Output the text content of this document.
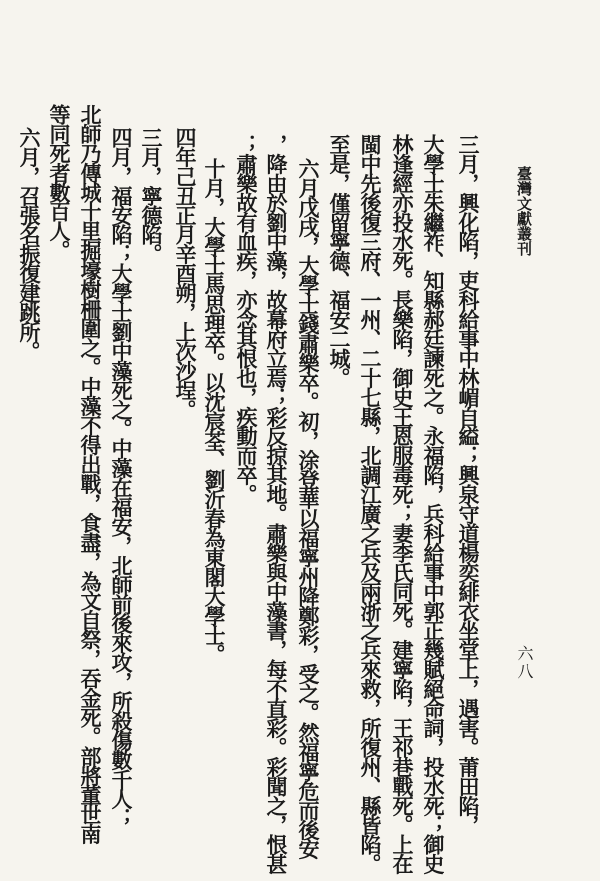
臺灣文獻叢刊
六八
三月，興化陷，吏科給事中林嵋自縊；興泉守道楊奕緋衣坐堂上，遇害。莆田陷，
大學士朱繼祚、知縣郝廷諫死之。永福陷，兵科給事中郭正幾賦絕命詞，投水死；御史
林逢經亦投水死。長樂陷，御史王恩服毒死；妻李氏同死。建寧陷，王祁巷戰死。上在
閩中先後復三府、一州、二十七縣，北調江廣之兵及兩浙之兵來救，所復州、縣皆陷。
至是，僅留寧德、福安二城。
六月戊戌，大學士錢肅樂卒。初，涂登華以福寧州降鄭彩，受之。然福寧危而後安
，降由於劉中藻，故幕府立焉；彩反掠其地。肅樂與中藻書，每不直彩。彩聞之，恨甚
；肅樂故有血疾，亦念其恨也，疾動而卒。
十月，大學士馬思理卒。以沈宸荃、劉沂春為東閣大學士。
四年己丑正月辛酉朔，上次沙埕。
三月，寧德陷。
四月，福安陷；大學士劉中藻死之。中藻在福安，北師前後來攻，所殺傷數千人；
北師乃傳城十里掘壕樹柵圍之。中藻不得出戰，食盡，為文自祭，吞金死。部將董世南
等同死者數百人。
六月，召張名振復建跳所。
